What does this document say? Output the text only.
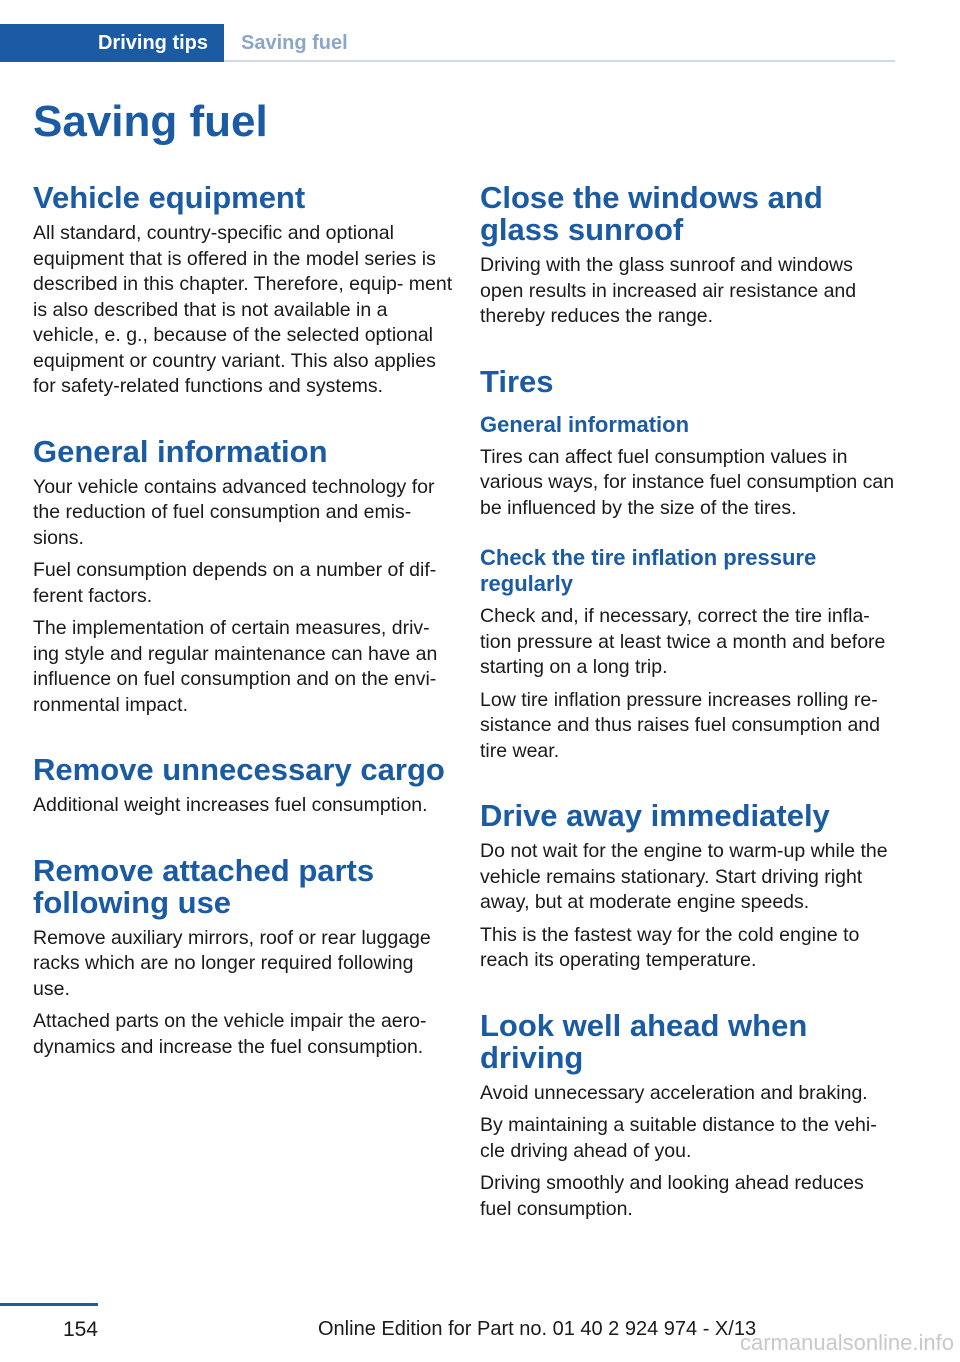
Driving tips	Saving fuel
Saving fuel
Vehicle equipment

All standard, country-specific and optional equipment that is offered in the model series is described in this chapter. Therefore, equip- ment is also described that is not available in a vehicle, e. g., because of the selected optional equipment or country variant. This also applies for safety-related functions and systems.

General information

Your vehicle contains advanced technology for the reduction of fuel consumption and emis- sions.

Fuel consumption depends on a number of dif- ferent factors.

The implementation of certain measures, driv- ing style and regular maintenance can have an influence on fuel consumption and on the envi- ronmental impact.

Remove unnecessary cargo

Additional weight increases fuel consumption.

Remove attached parts following use

Remove auxiliary mirrors, roof or rear luggage racks which are no longer required following use.

Attached parts on the vehicle impair the aero- dynamics and increase the fuel consumption.

Close the windows and glass sunroof

Driving with the glass sunroof and windows open results in increased air resistance and thereby reduces the range.

Tires
General information

Tires can affect fuel consumption values in various ways, for instance fuel consumption can be influenced by the size of the tires.

Check the tire inflation pressure regularly

Check and, if necessary, correct the tire infla- tion pressure at least twice a month and before starting on a long trip.

Low tire inflation pressure increases rolling re- sistance and thus raises fuel consumption and tire wear.

Drive away immediately

Do not wait for the engine to warm-up while the vehicle remains stationary. Start driving right away, but at moderate engine speeds.

This is the fastest way for the cold engine to reach its operating temperature.

Look well ahead when driving

Avoid unnecessary acceleration and braking.

By maintaining a suitable distance to the vehi- cle driving ahead of you.

Driving smoothly and looking ahead reduces fuel consumption.

154	Online Edition for Part no. 01 40 2 924 974 - X/13
carmanualsonline.info
